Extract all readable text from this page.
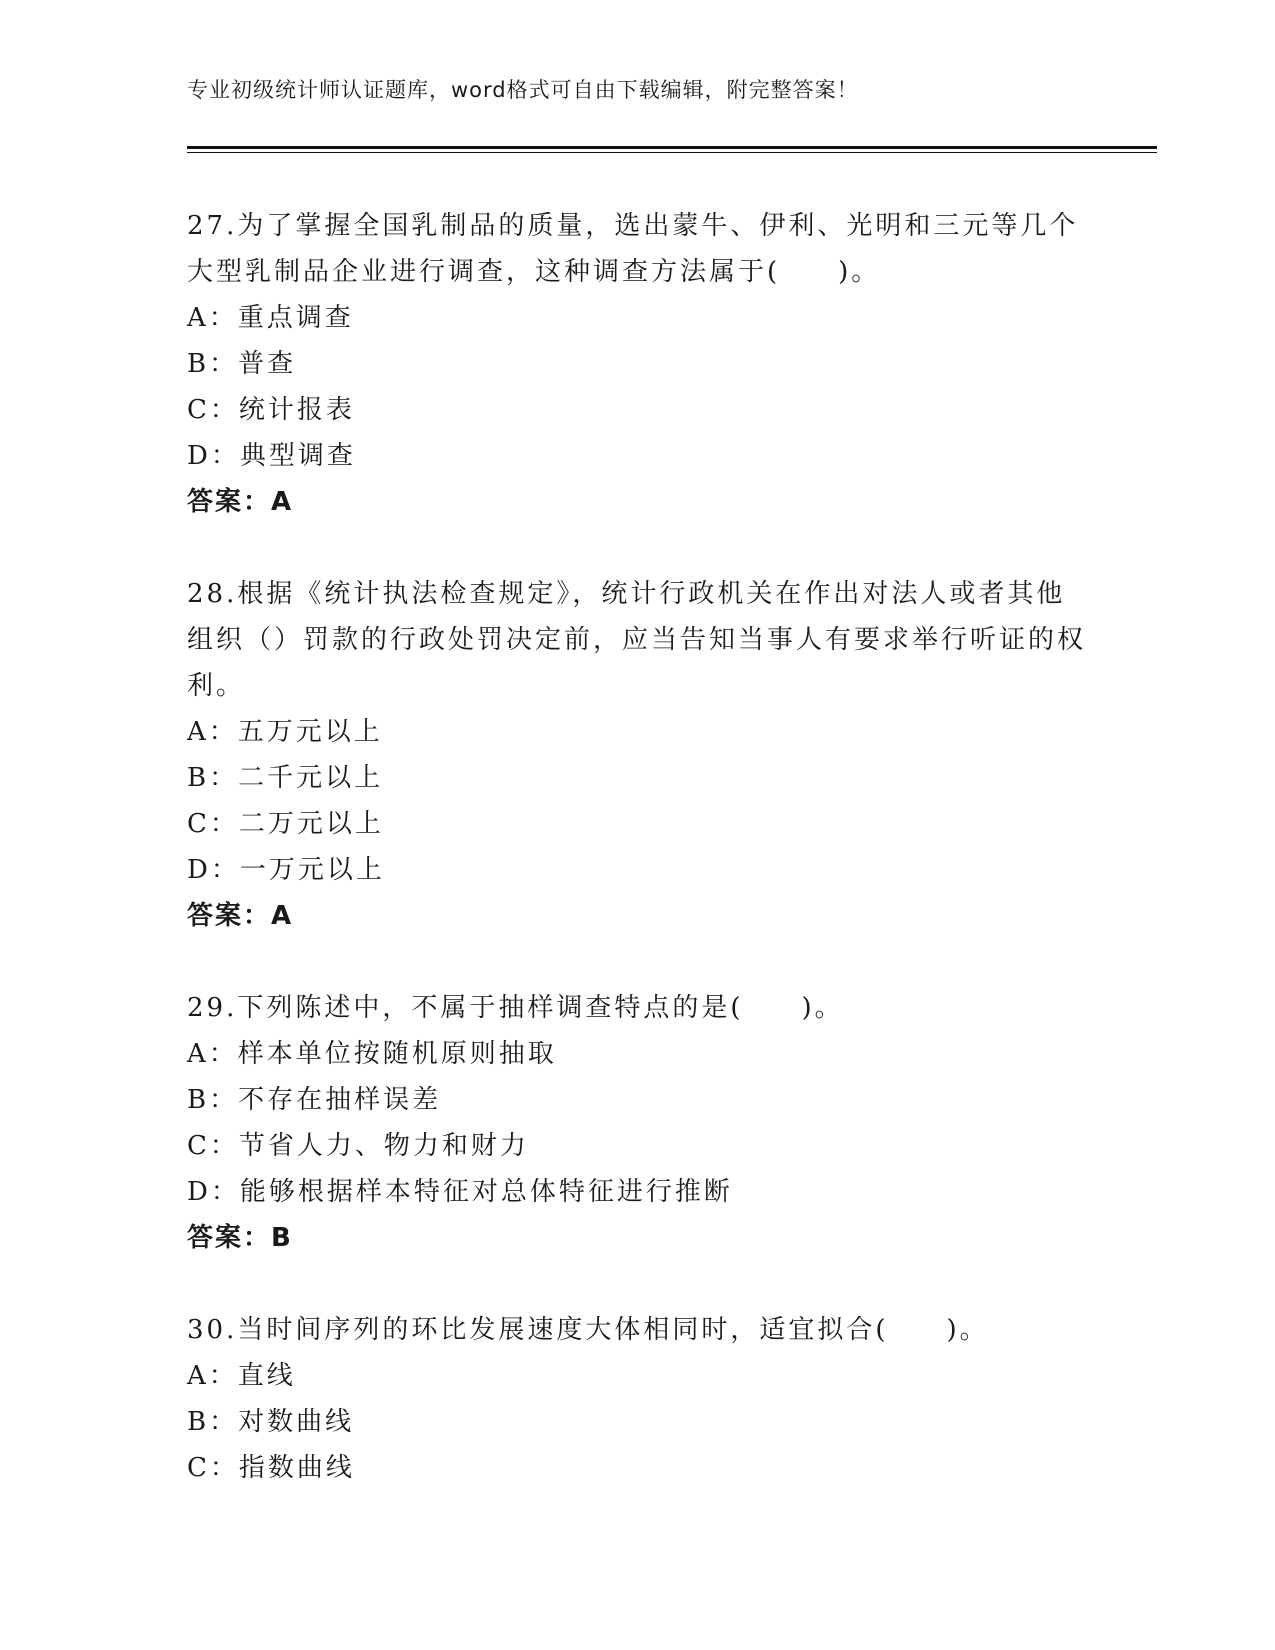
专业初级统计师认证题库，word格式可自由下载编辑，附完整答案！

27.为了掌握全国乳制品的质量，选出蒙牛、伊利、光明和三元等几个大型乳制品企业进行调查，这种调查方法属于(　　)。

A：重点调查

B：普查

C：统计报表

D：典型调查

答案：A

28.根据《统计执法检查规定》，统计行政机关在作出对法人或者其他组织（）罚款的行政处罚决定前，应当告知当事人有要求举行听证的权利。

A：五万元以上

B：二千元以上

C：二万元以上

D：一万元以上

答案：A

29.下列陈述中，不属于抽样调查特点的是(　　)。

A：样本单位按随机原则抽取

B：不存在抽样误差

C：节省人力、物力和财力

D：能够根据样本特征对总体特征进行推断

答案：B

30.当时间序列的环比发展速度大体相同时，适宜拟合(　　)。

A：直线

B：对数曲线

C：指数曲线
